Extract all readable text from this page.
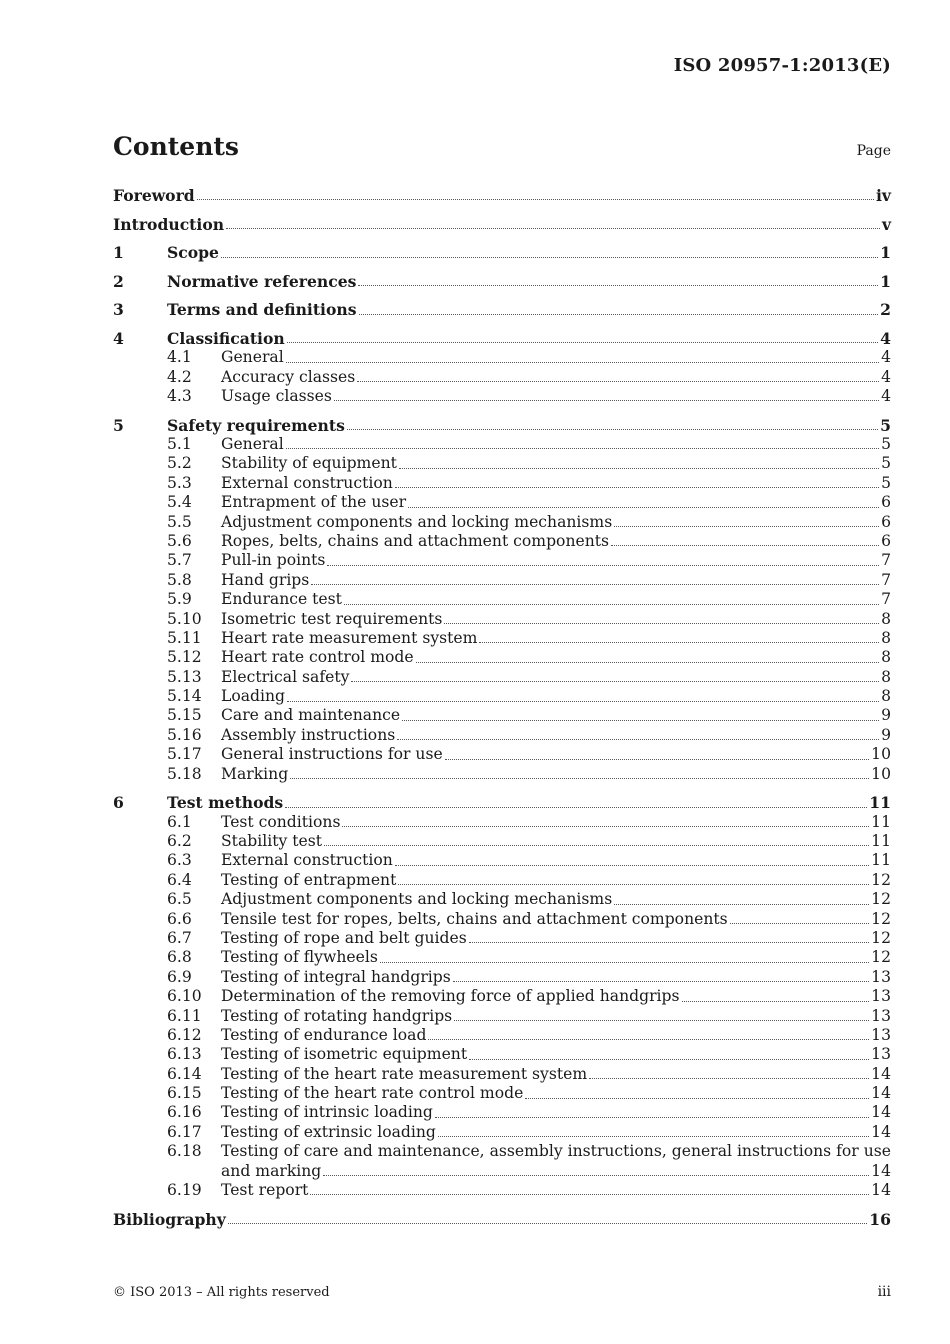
ISO 20957-1:2013(E)
Contents	Page
Foreword	iv
Introduction	v
1	Scope	1
2	Normative references	1
3	Terms and definitions	2
4	Classification	4
4.1	General	4
4.2	Accuracy classes	4
4.3	Usage classes	4
5	Safety requirements	5
5.1	General	5
5.2	Stability of equipment	5
5.3	External construction	5
5.4	Entrapment of the user	6
5.5	Adjustment components and locking mechanisms	6
5.6	Ropes, belts, chains and attachment components	6
5.7	Pull-in points	7
5.8	Hand grips	7
5.9	Endurance test	7
5.10	Isometric test requirements	8
5.11	Heart rate measurement system	8
5.12	Heart rate control mode	8
5.13	Electrical safety	8
5.14	Loading	8
5.15	Care and maintenance	9
5.16	Assembly instructions	9
5.17	General instructions for use	10
5.18	Marking	10
6	Test methods	11
6.1	Test conditions	11
6.2	Stability test	11
6.3	External construction	11
6.4	Testing of entrapment	12
6.5	Adjustment components and locking mechanisms	12
6.6	Tensile test for ropes, belts, chains and attachment components	12
6.7	Testing of rope and belt guides	12
6.8	Testing of flywheels	12
6.9	Testing of integral handgrips	13
6.10	Determination of the removing force of applied handgrips	13
6.11	Testing of rotating handgrips	13
6.12	Testing of endurance load	13
6.13	Testing of isometric equipment	13
6.14	Testing of the heart rate measurement system	14
6.15	Testing of the heart rate control mode	14
6.16	Testing of intrinsic loading	14
6.17	Testing of extrinsic loading	14
6.18	Testing of care and maintenance, assembly instructions, general instructions for use
and marking	14
6.19	Test report	14
Bibliography	16
© ISO 2013 – All rights reserved	iii
